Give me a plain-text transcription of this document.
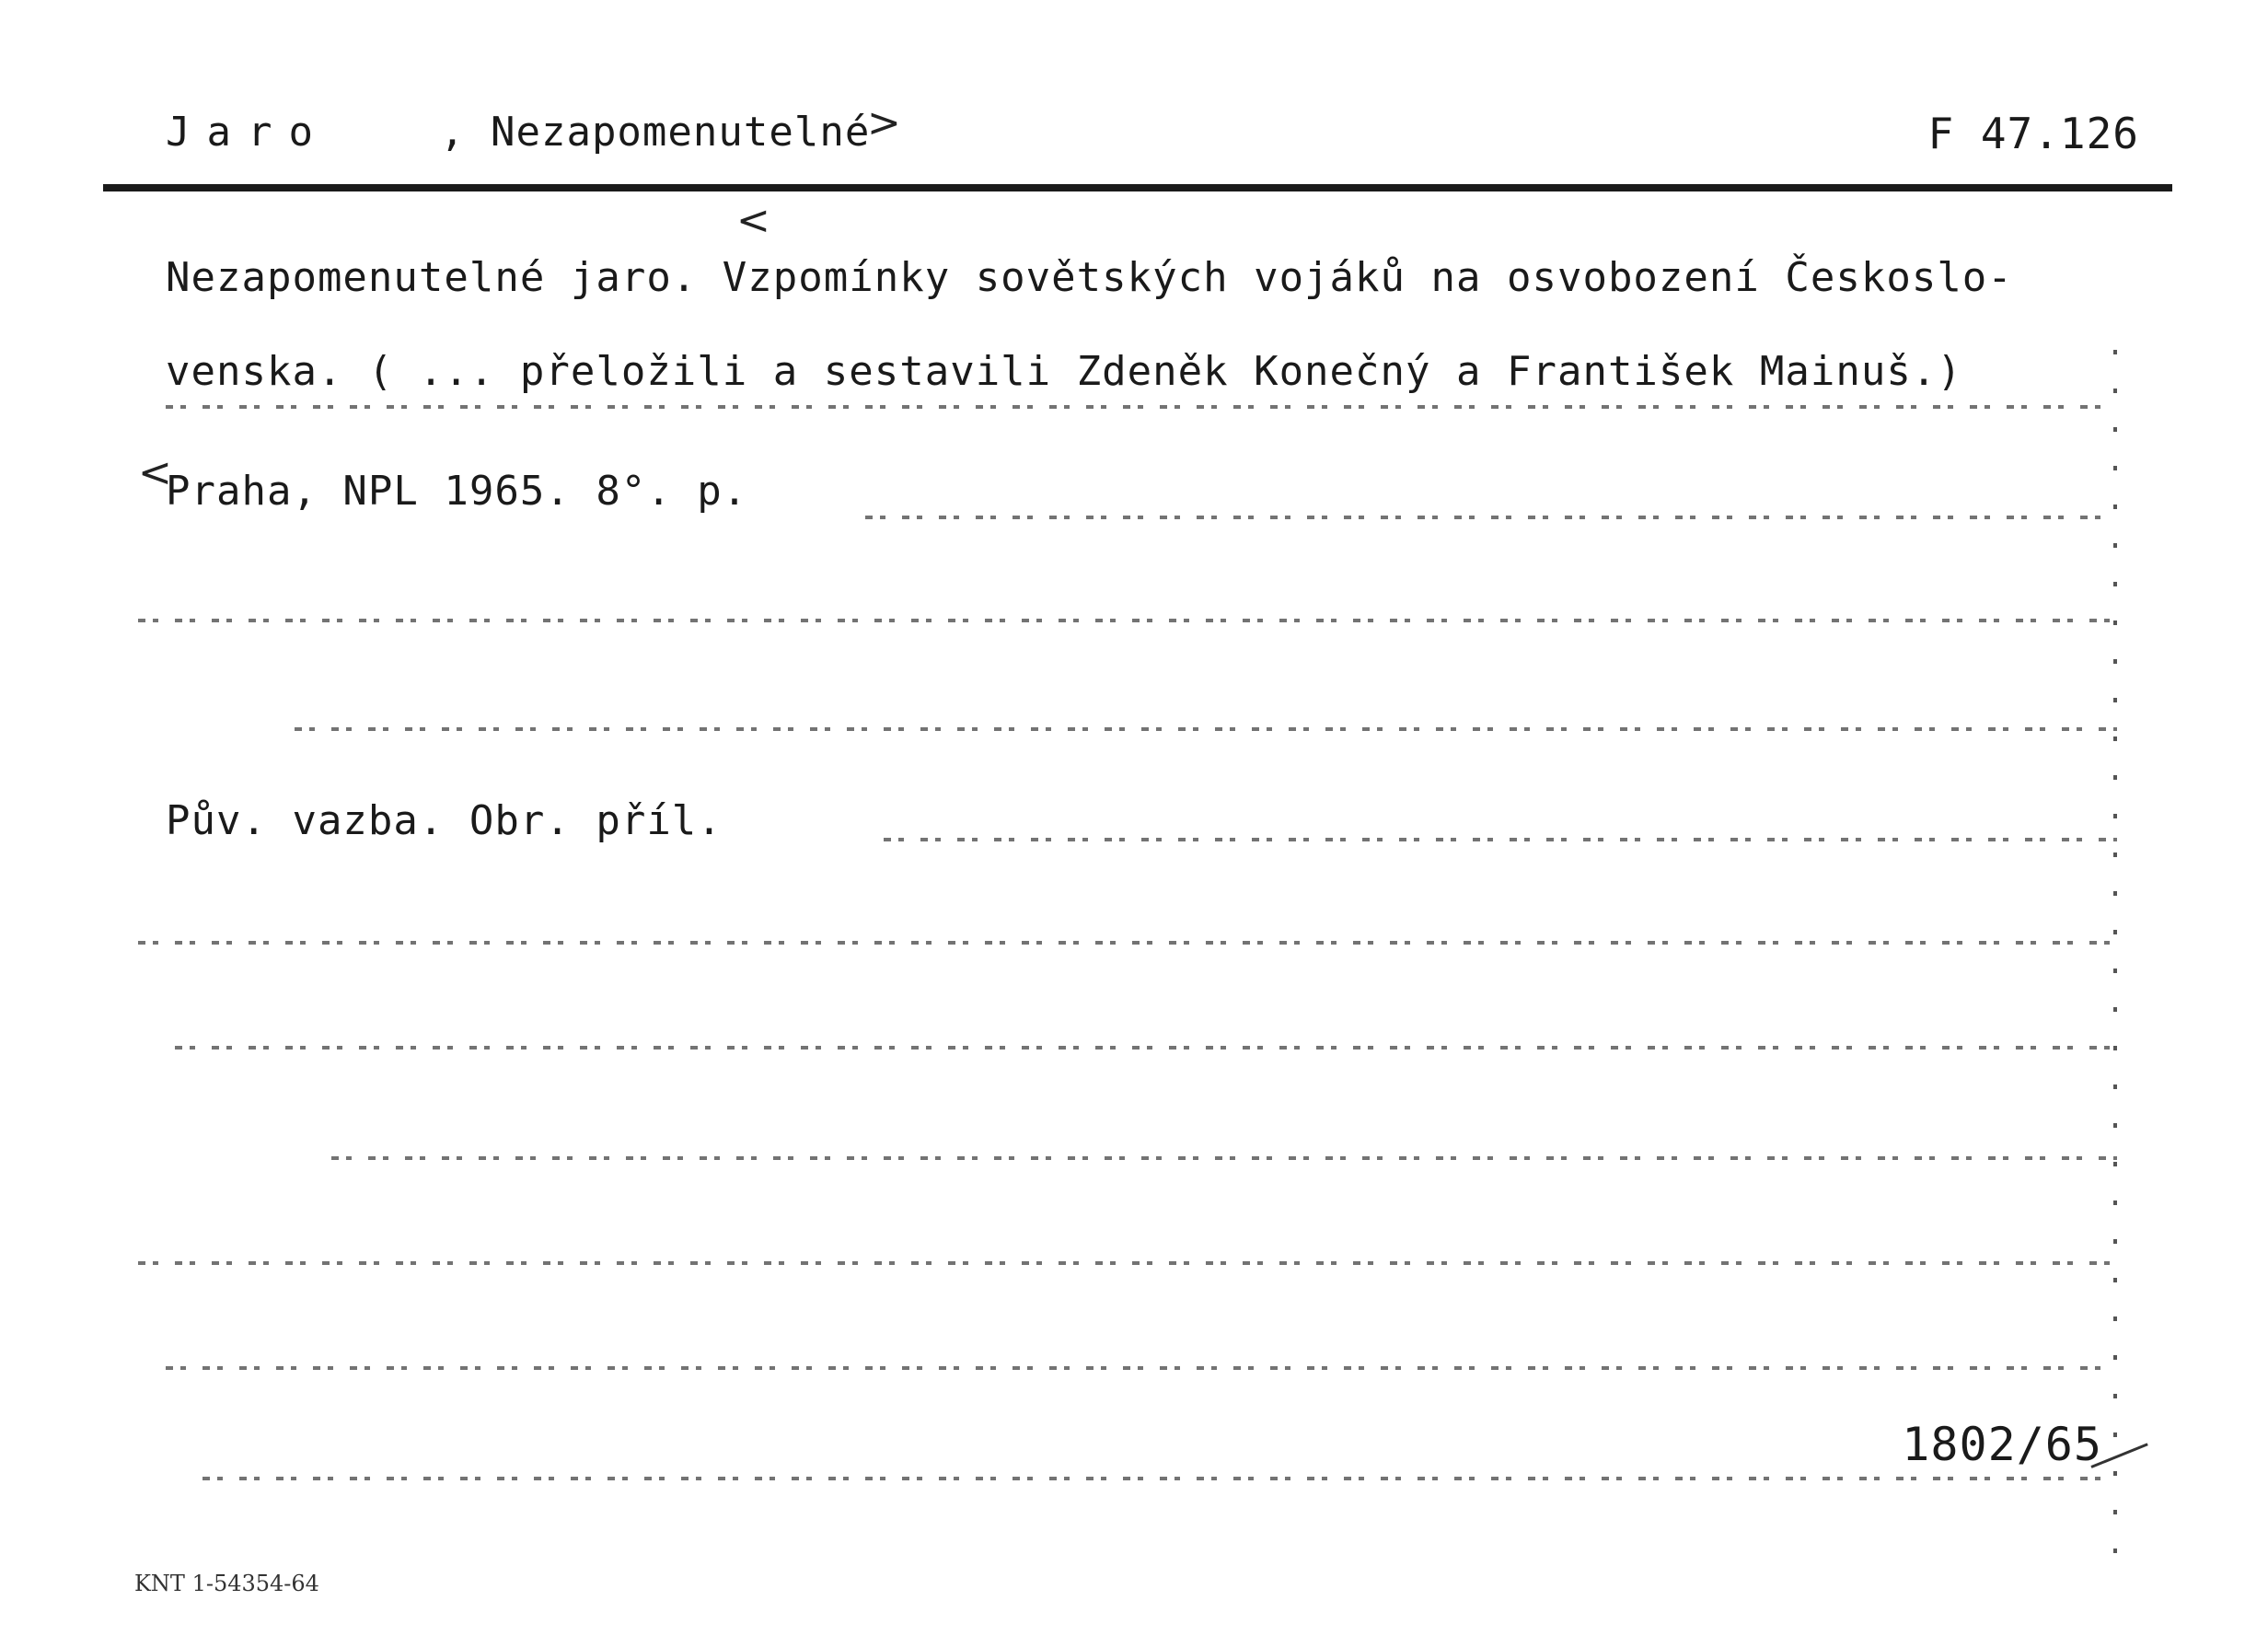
Jaro	, Nezapomenutelné
>	F 47.126
<
Nezapomenutelné jaro. Vzpomínky sovětských vojáků na osvobození Českoslo-
venska. ( ... přeložili a sestavili Zdeněk Konečný a František Mainuš.)
<
Praha, NPL 1965. 8°. p.
Pův. vazba. Obr. příl.
1802/65
KNT 1-54354-64
